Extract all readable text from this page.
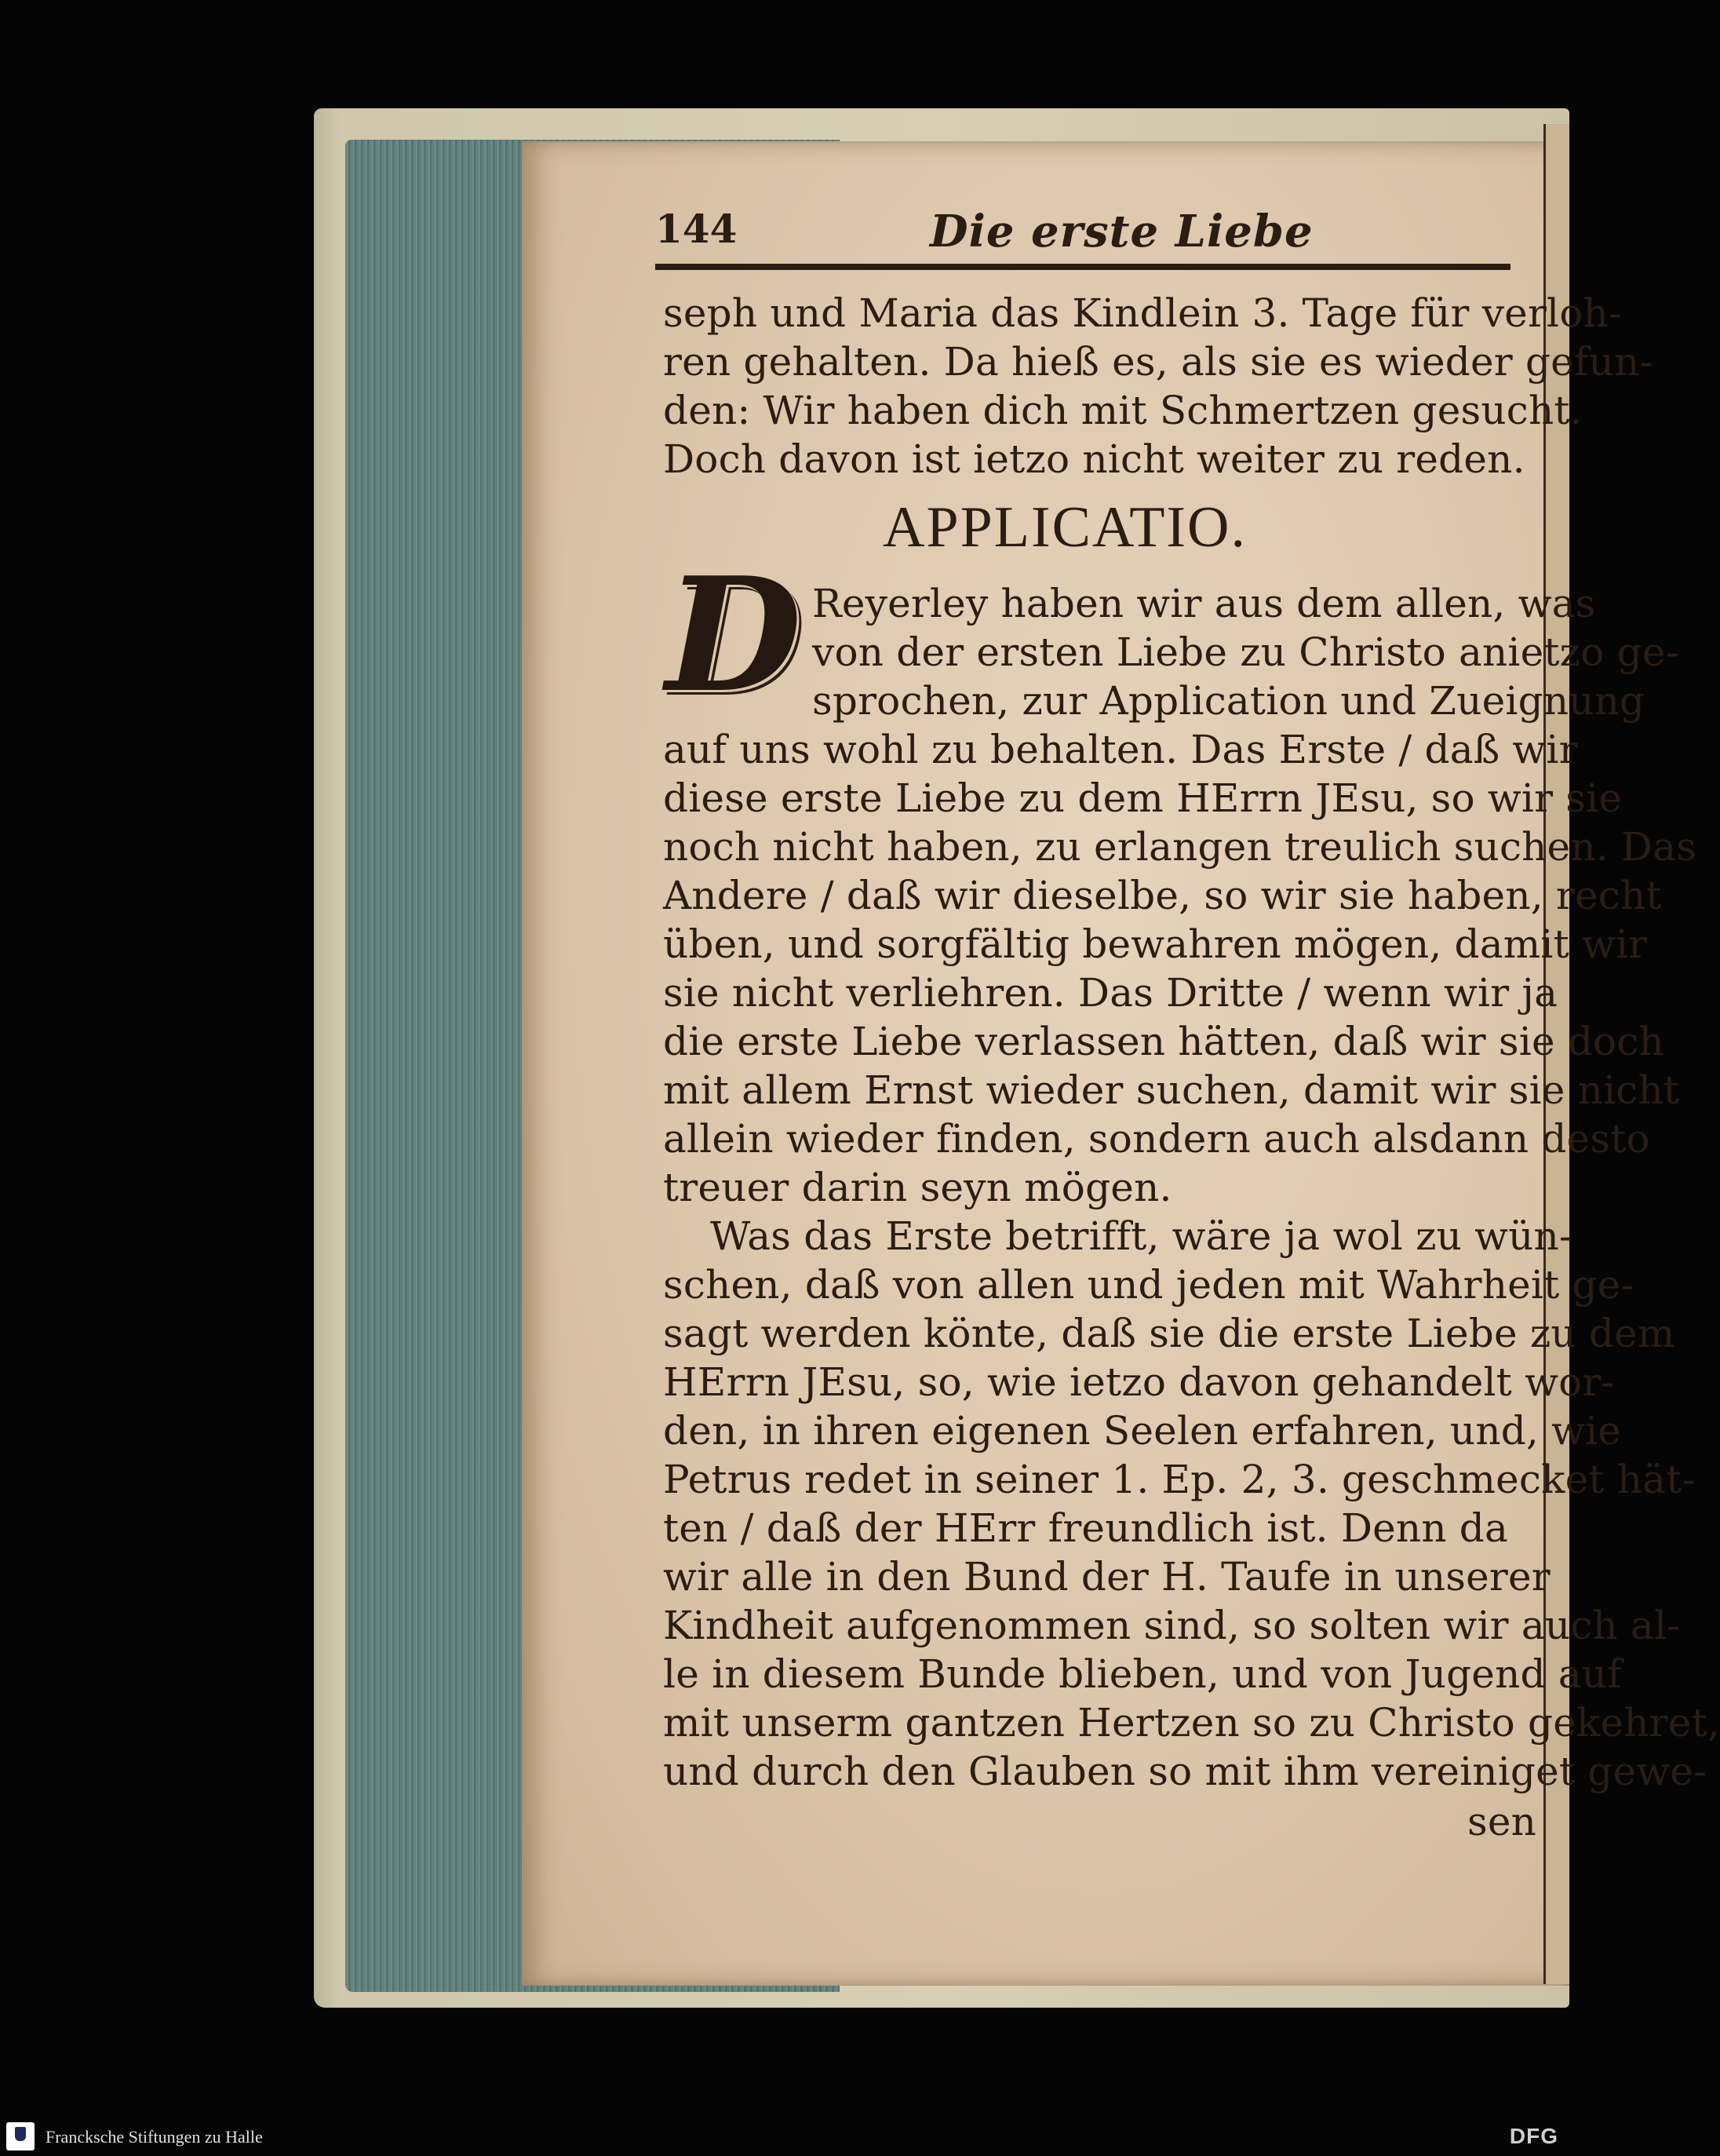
144	Die erste Liebe
seph und Maria das Kindlein 3. Tage für verloh-
ren gehalten. Da hieß es, als sie es wieder gefun-
den: Wir haben dich mit Schmertzen gesucht.
Doch davon ist ietzo nicht weiter zu reden.
Reyerley haben wir aus dem allen, was
von der ersten Liebe zu Christo anietzo ge-
sprochen, zur Application und Zueignung
auf uns wohl zu behalten. Das Erste / daß wir
diese erste Liebe zu dem HErrn JEsu, so wir sie
noch nicht haben, zu erlangen treulich suchen. Das
Andere / daß wir dieselbe, so wir sie haben, recht
üben, und sorgfältig bewahren mögen, damit wir
sie nicht verliehren. Das Dritte / wenn wir ja
die erste Liebe verlassen hätten, daß wir sie doch
mit allem Ernst wieder suchen, damit wir sie nicht
allein wieder finden, sondern auch alsdann desto
treuer darin seyn mögen.
Was das Erste betrifft, wäre ja wol zu wün-
schen, daß von allen und jeden mit Wahrheit ge-
sagt werden könte, daß sie die erste Liebe zu dem
HErrn JEsu, so, wie ietzo davon gehandelt wor-
den, in ihren eigenen Seelen erfahren, und, wie
Petrus redet in seiner 1. Ep. 2, 3. geschmecket hät-
ten / daß der HErr freundlich ist. Denn da
wir alle in den Bund der H. Taufe in unserer
Kindheit aufgenommen sind, so solten wir auch al-
le in diesem Bunde blieben, und von Jugend auf
mit unserm gantzen Hertzen so zu Christo gekehret,
und durch den Glauben so mit ihm vereiniget gewe-
APPLICATIO.
D
sen
Francksche Stiftungen zu Halle	DFG
